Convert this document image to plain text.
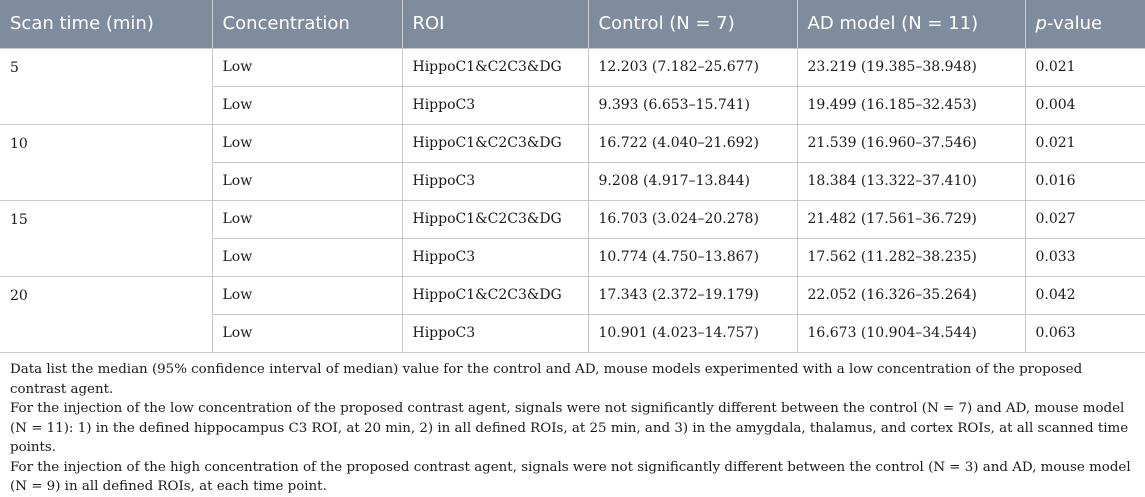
Scan time (min)	Concentration	ROI	Control (N = 7)	AD model (N = 11)	p-value
5	Low	HippoC1&C2C3&DG	12.203 (7.182–25.677)	23.219 (19.385–38.948)	0.021
	Low	HippoC3	9.393 (6.653–15.741)	19.499 (16.185–32.453)	0.004
10	Low	HippoC1&C2C3&DG	16.722 (4.040–21.692)	21.539 (16.960–37.546)	0.021
	Low	HippoC3	9.208 (4.917–13.844)	18.384 (13.322–37.410)	0.016
15	Low	HippoC1&C2C3&DG	16.703 (3.024–20.278)	21.482 (17.561–36.729)	0.027
	Low	HippoC3	10.774 (4.750–13.867)	17.562 (11.282–38.235)	0.033
20	Low	HippoC1&C2C3&DG	17.343 (2.372–19.179)	22.052 (16.326–35.264)	0.042
	Low	HippoC3	10.901 (4.023–14.757)	16.673 (10.904–34.544)	0.063

Data list the median (95% confidence interval of median) value for the control and AD, mouse models experimented with a low concentration of the proposed contrast agent.

For the injection of the low concentration of the proposed contrast agent, signals were not significantly different between the control (N = 7) and AD, mouse model (N = 11): 1) in the defined hippocampus C3 ROI, at 20 min, 2) in all defined ROIs, at 25 min, and 3) in the amygdala, thalamus, and cortex ROIs, at all scanned time points.

For the injection of the high concentration of the proposed contrast agent, signals were not significantly different between the control (N = 3) and AD, mouse model (N = 9) in all defined ROIs, at each time point.
